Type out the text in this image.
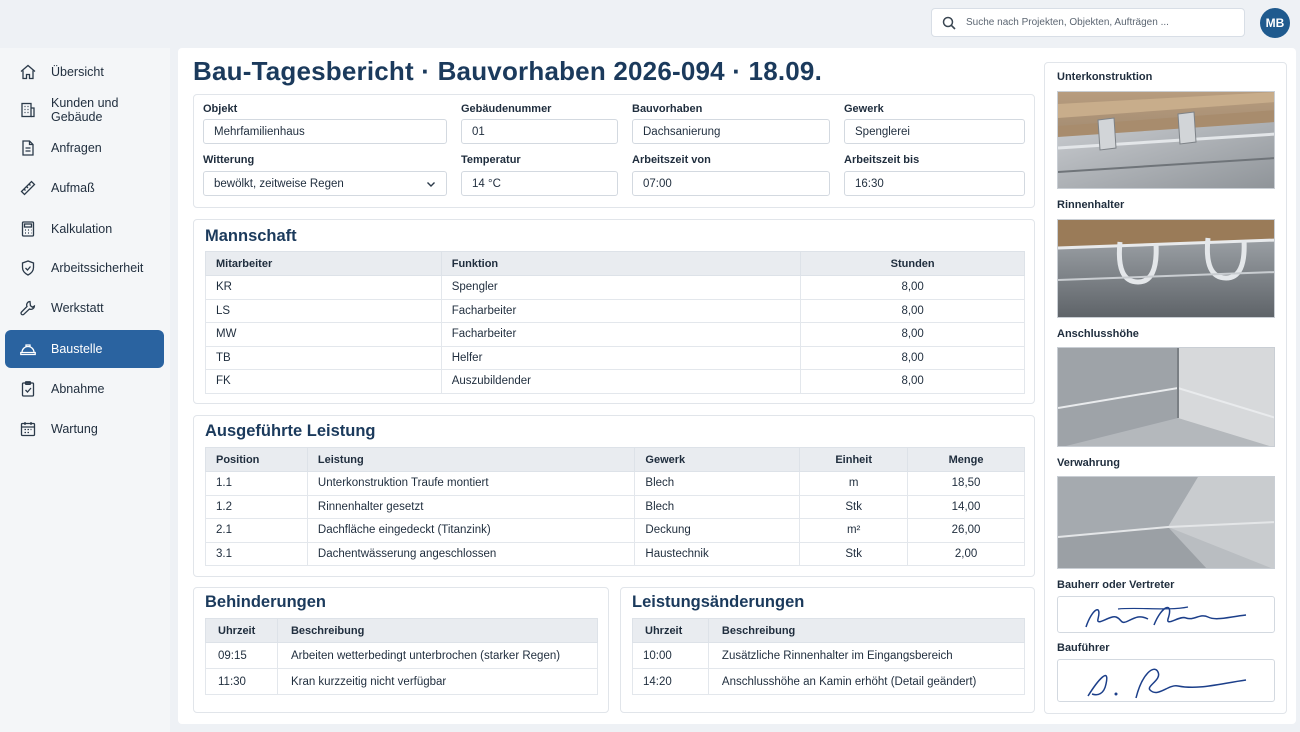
Suche nach Projekten, Objekten, Aufträgen ...
MB
Übersicht
Kunden und Gebäude
Anfragen
Aufmaß
Kalkulation
Arbeitssicherheit
Werkstatt
Baustelle
Abnahme
Wartung
Bau-Tagesbericht · Bauvorhaben 2026-094 · 18.09.
Objekt
Mehrfamilienhaus
Gebäudenummer
01
Bauvorhaben
Dachsanierung
Gewerk
Spenglerei
Witterung
bewölkt, zeitweise Regen
Temperatur
14 °C
Arbeitszeit von
07:00
Arbeitszeit bis
16:30
Mannschaft
Mitarbeiter	Funktion	Stunden
KR	Spengler	8,00
LS	Facharbeiter	8,00
MW	Facharbeiter	8,00
TB	Helfer	8,00
FK	Auszubildender	8,00
Ausgeführte Leistung
Position	Leistung	Gewerk	Einheit	Menge
1.1	Unterkonstruktion Traufe montiert	Blech	m	18,50
1.2	Rinnenhalter gesetzt	Blech	Stk	14,00
2.1	Dachfläche eingedeckt (Titanzink)	Deckung	m²	26,00
3.1	Dachentwässerung angeschlossen	Haustechnik	Stk	2,00
Behinderungen
Uhrzeit	Beschreibung
09:15	Arbeiten wetterbedingt unterbrochen (starker Regen)
11:30	Kran kurzzeitig nicht verfügbar
Leistungsänderungen
Uhrzeit	Beschreibung
10:00	Zusätzliche Rinnenhalter im Eingangsbereich
14:20	Anschlusshöhe an Kamin erhöht (Detail geändert)
Unterkonstruktion
Rinnenhalter
Anschlusshöhe
Verwahrung
Bauherr oder Vertreter
Bauführer
